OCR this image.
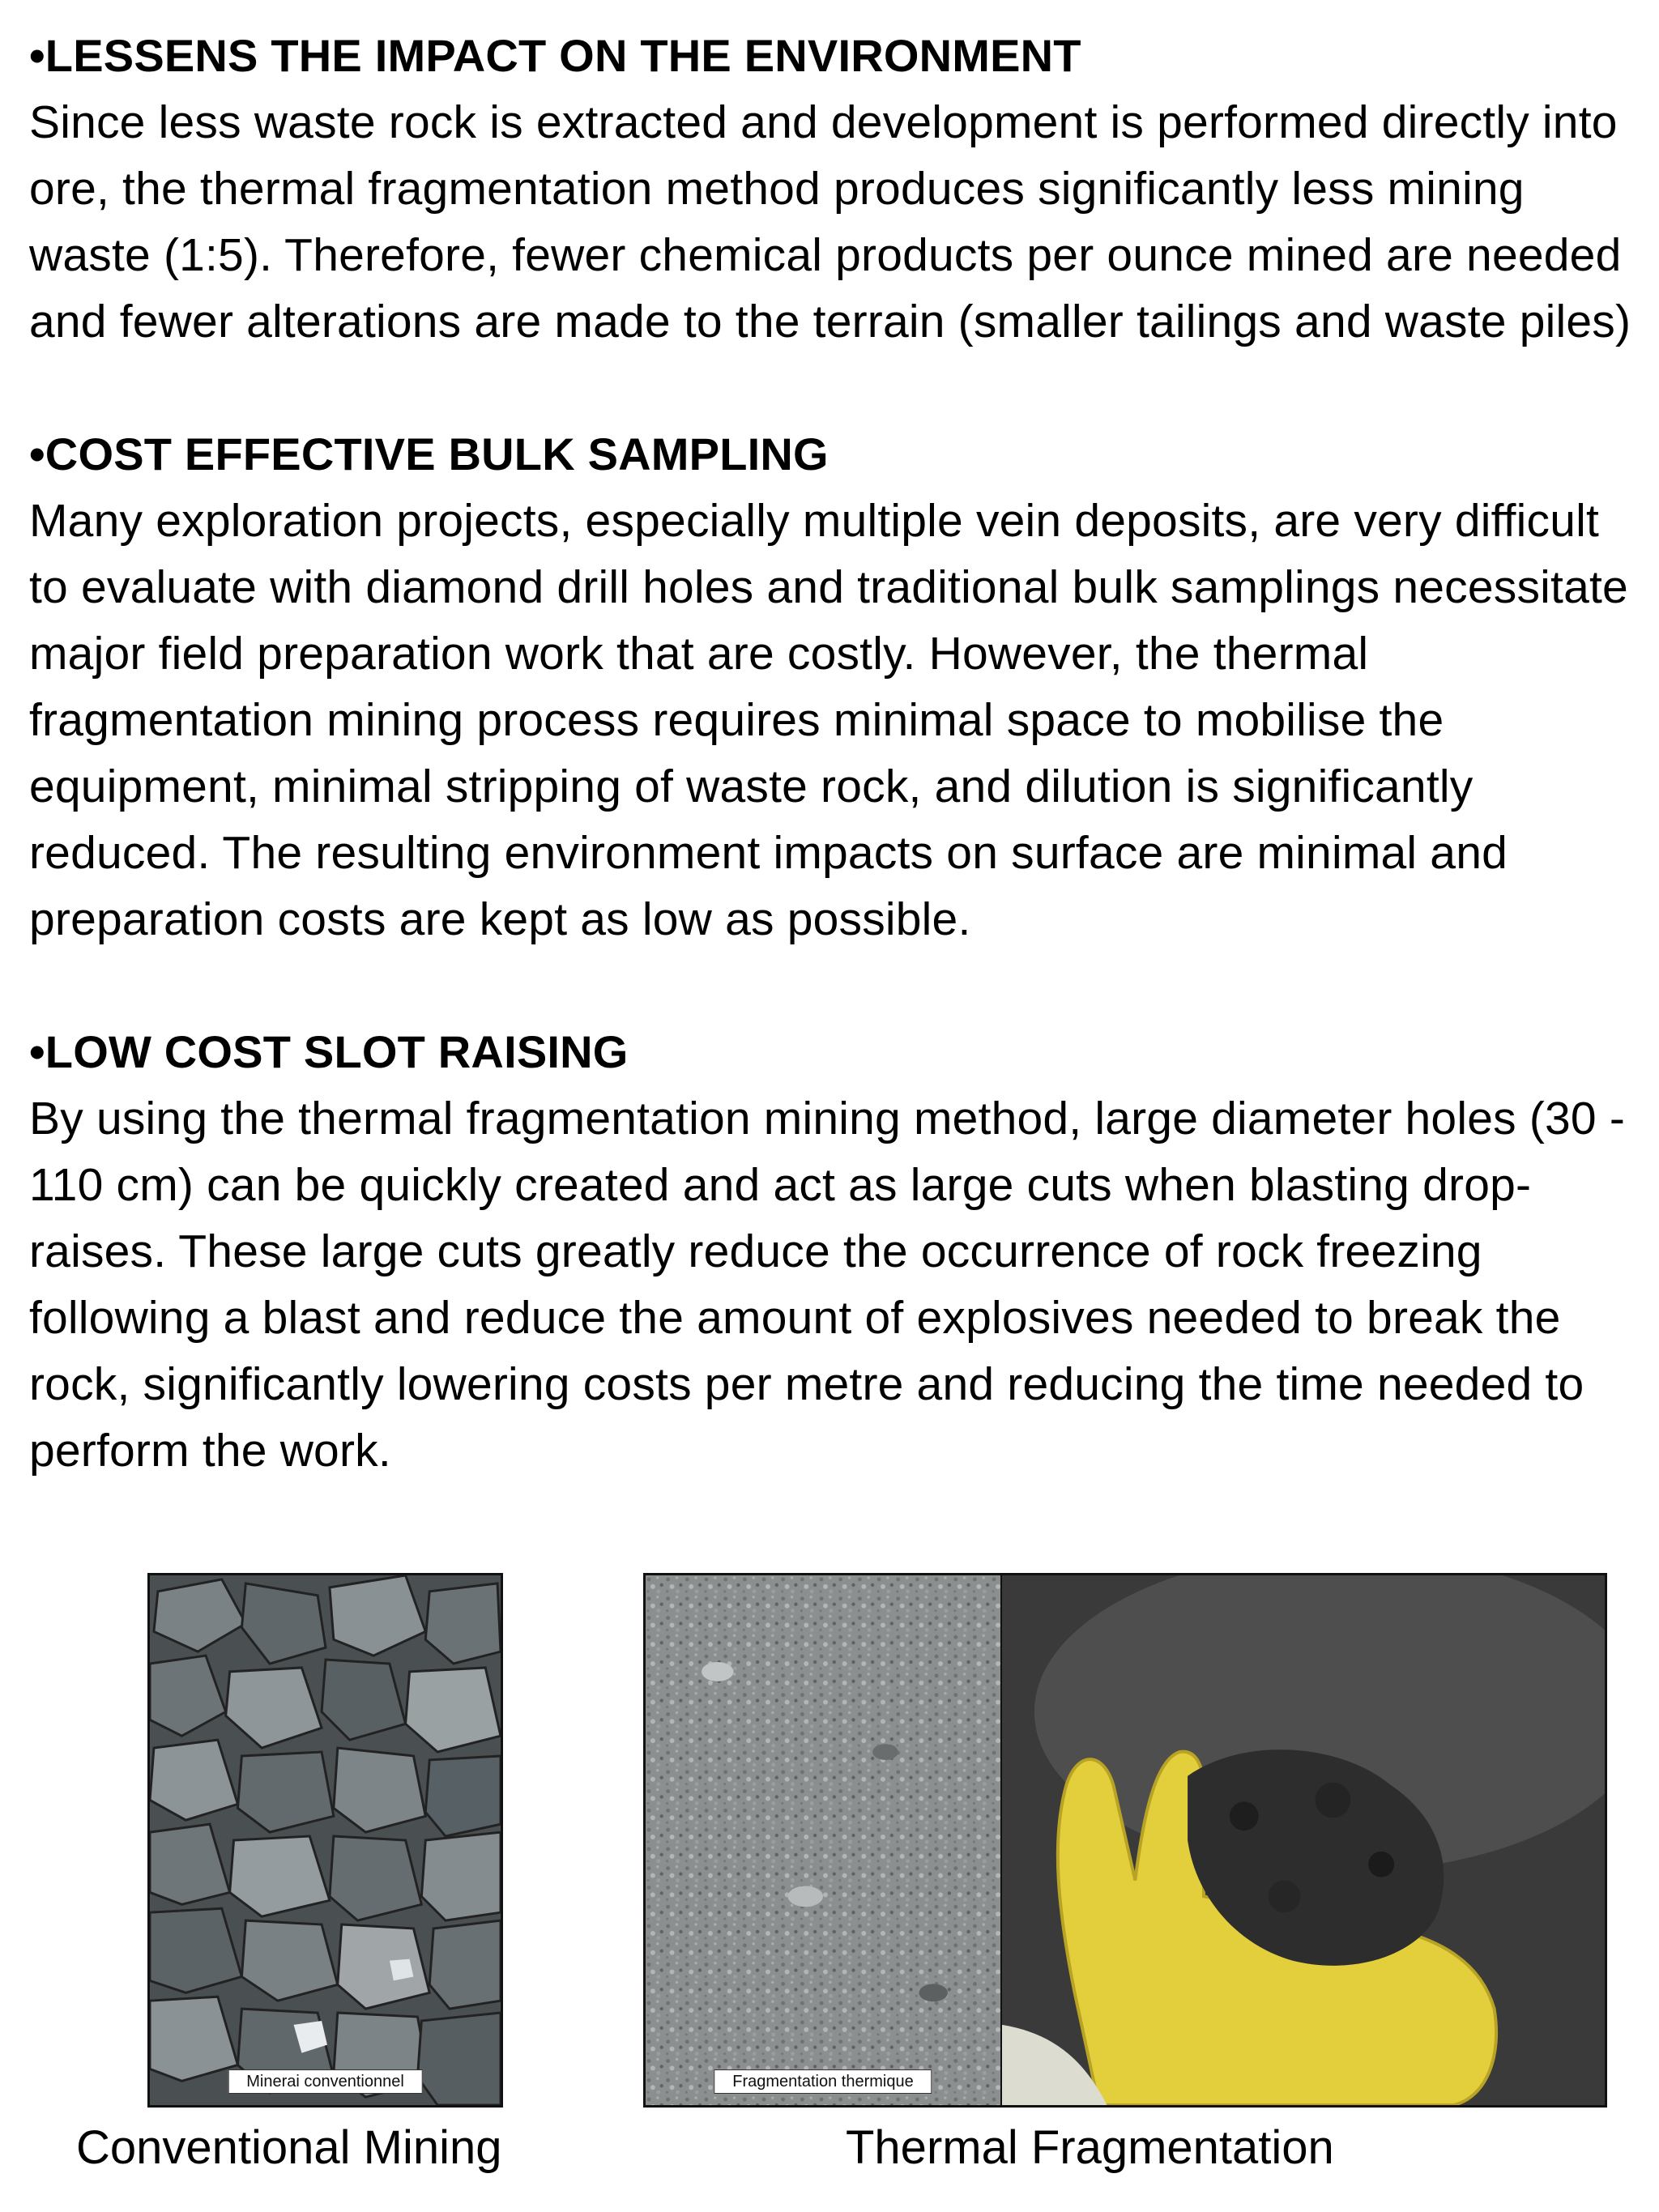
•LESSENS THE IMPACT ON THE ENVIRONMENT
Since less waste rock is extracted and development is performed directly into ore, the thermal fragmentation method produces significantly less mining waste (1:5). Therefore, fewer chemical products per ounce mined are needed and fewer alterations are made to the terrain (smaller tailings and waste piles)
•COST EFFECTIVE BULK SAMPLING
Many exploration projects, especially multiple vein deposits, are very difficult to evaluate with diamond drill holes and traditional bulk samplings necessitate major field preparation work that are costly. However, the thermal fragmentation mining process requires minimal space to mobilise the equipment, minimal stripping of waste rock, and dilution is significantly reduced. The resulting environment impacts on surface are minimal and preparation costs are kept as low as possible.
•LOW COST SLOT RAISING
By using the thermal fragmentation mining method, large diameter holes (30 - 110 cm) can be quickly created and act as large cuts when blasting drop-raises. These large cuts greatly reduce the occurrence of rock freezing following a blast and reduce the amount of explosives needed to break the rock, significantly lowering costs per metre and reducing the time needed to perform the work.
Minerai conventionnel	Fragmentation thermique
Conventional Mining	Thermal Fragmentation
